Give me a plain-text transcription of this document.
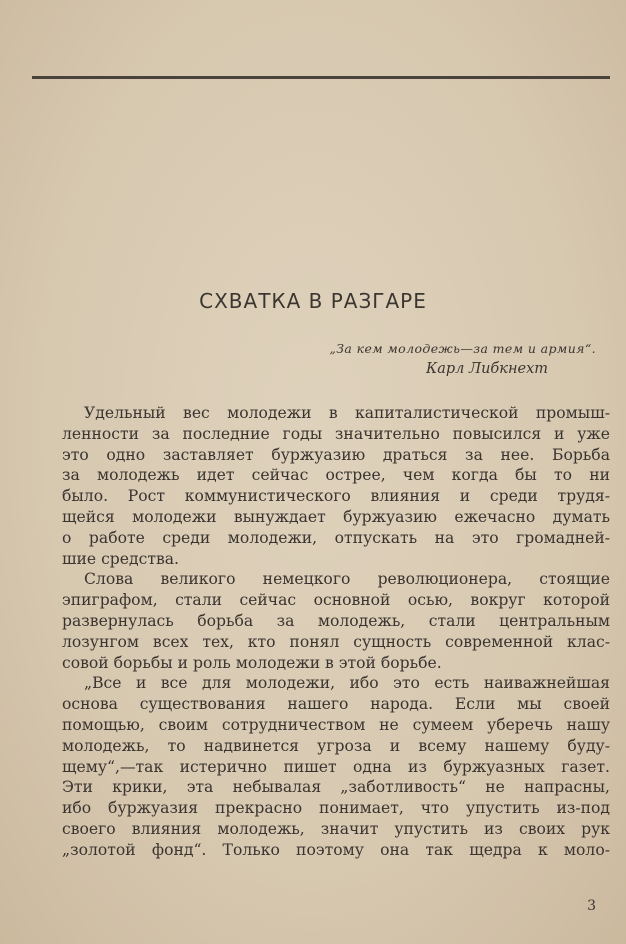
СХВАТКА В РАЗГАРЕ
„За кем молодежь—за тем и армия“.
Карл Либкнехт
Удельный вес молодежи в капиталистической промыш-
ленности за последние годы значительно повысился и уже
это одно заставляет буржуазию драться за нее. Борьба
за молодежь идет сейчас острее, чем когда бы то ни
было. Рост коммунистического влияния и среди трудя-
щейся молодежи вынуждает буржуазию ежечасно думать
о работе среди молодежи, отпускать на это громадней-
шие средства.
Слова великого немецкого революционера, стоящие
эпиграфом, стали сейчас основной осью, вокруг которой
развернулась борьба за молодежь, стали центральным
лозунгом всех тех, кто понял сущность современной клас-
совой борьбы и роль молодежи в этой борьбе.
„Все и все для молодежи, ибо это есть наиважнейшая
основа существования нашего народа. Если мы своей
помощью, своим сотрудничеством не сумеем уберечь нашу
молодежь, то надвинется угроза и всему нашему буду-
щему“,—так истерично пишет одна из буржуазных газет.
Эти крики, эта небывалая „заботливость“ не напрасны,
ибо буржуазия прекрасно понимает, что упустить из-под
своего влияния молодежь, значит упустить из своих рук
„золотой фонд“. Только поэтому она так щедра к моло-
3
